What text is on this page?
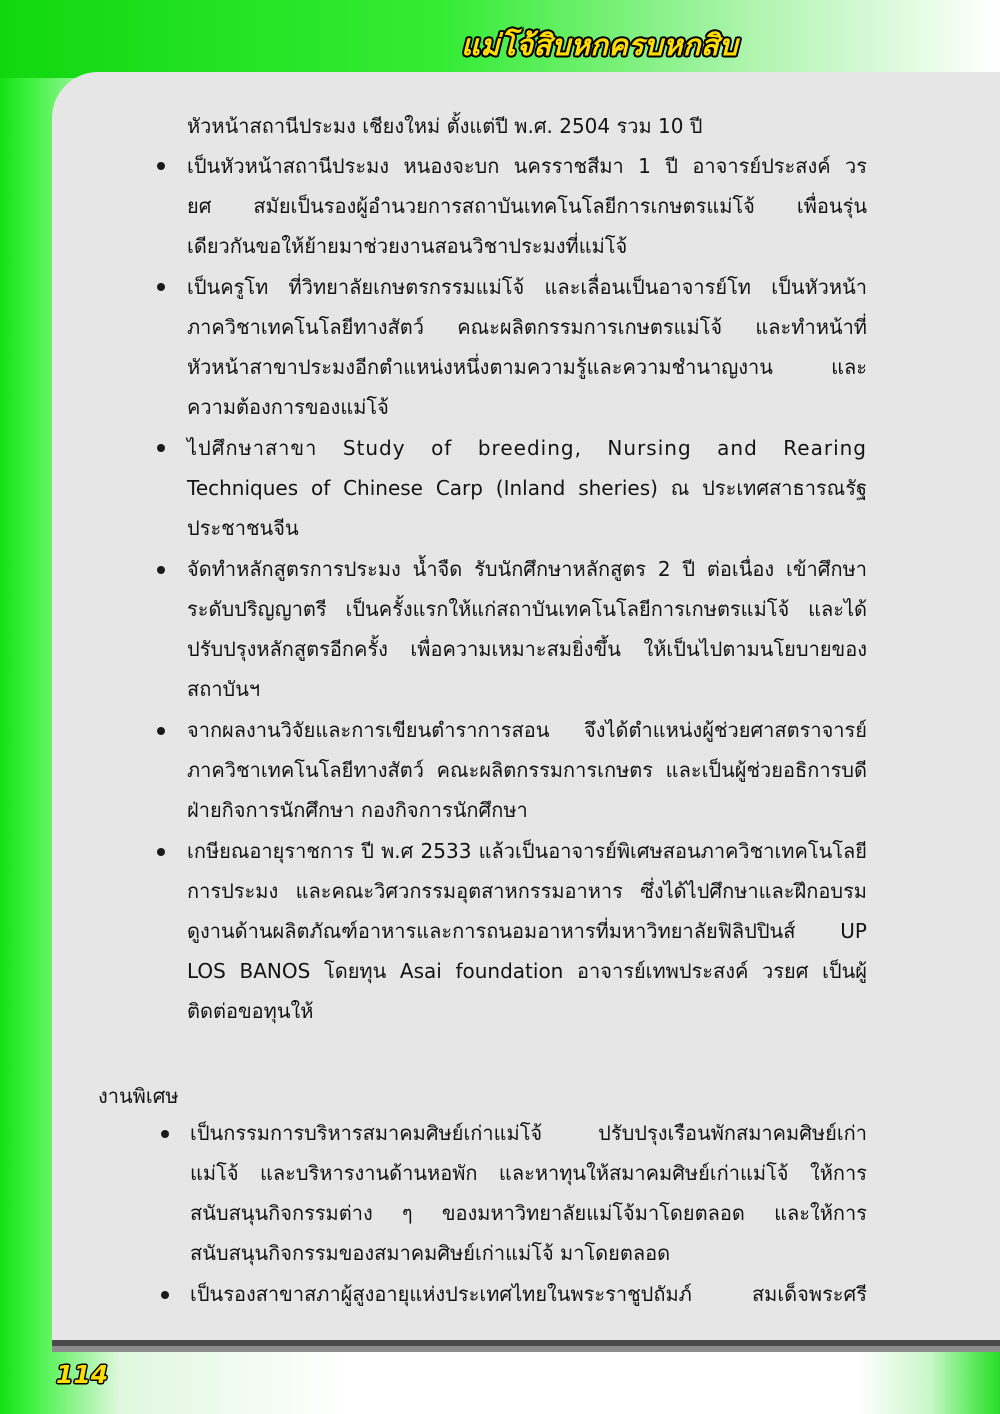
แม่โจ้สิบหกครบหกสิบ
หัวหน้าสถานีประมง เชียงใหม่ ตั้งแต่ปี พ.ศ. 2504 รวม 10 ปี
เป็นหัวหน้าสถานีประมง หนองจะบก นครราชสีมา 1 ปี อาจารย์ประสงค์ วร
ยศ สมัยเป็นรองผู้อำนวยการสถาบันเทคโนโลยีการเกษตรแม่โจ้ เพื่อนรุ่น
เดียวกันขอให้ย้ายมาช่วยงานสอนวิชาประมงที่แม่โจ้
เป็นครูโท ที่วิทยาลัยเกษตรกรรมแม่โจ้ และเลื่อนเป็นอาจารย์โท เป็นหัวหน้า
ภาควิชาเทคโนโลยีทางสัตว์ คณะผลิตกรรมการเกษตรแม่โจ้ และทำหน้าที่
หัวหน้าสาขาประมงอีกตำแหน่งหนึ่งตามความรู้และความชำนาญงาน และ
ความต้องการของแม่โจ้
ไปศึกษาสาขา Study of breeding, Nursing and Rearing
Techniques of Chinese Carp (Inland sheries) ณ ประเทศสาธารณรัฐ
ประชาชนจีน
จัดทำหลักสูตรการประมง น้ำจืด รับนักศึกษาหลักสูตร 2 ปี ต่อเนื่อง เข้าศึกษา
ระดับปริญญาตรี เป็นครั้งแรกให้แก่สถาบันเทคโนโลยีการเกษตรแม่โจ้ และได้
ปรับปรุงหลักสูตรอีกครั้ง เพื่อความเหมาะสมยิ่งขึ้น ให้เป็นไปตามนโยบายของ
สถาบันฯ
จากผลงานวิจัยและการเขียนตำราการสอน จึงได้ตำแหน่งผู้ช่วยศาสตราจารย์
ภาควิชาเทคโนโลยีทางสัตว์ คณะผลิตกรรมการเกษตร และเป็นผู้ช่วยอธิการบดี
ฝ่ายกิจการนักศึกษา กองกิจการนักศึกษา
เกษียณอายุราชการ ปี พ.ศ 2533 แล้วเป็นอาจารย์พิเศษสอนภาควิชาเทคโนโลยี
การประมง และคณะวิศวกรรมอุตสาหกรรมอาหาร ซึ่งได้ไปศึกษาและฝึกอบรม
ดูงานด้านผลิตภัณฑ์อาหารและการถนอมอาหารที่มหาวิทยาลัยฟิลิปปินส์ UP
LOS BANOS โดยทุน Asai foundation อาจารย์เทพประสงค์ วรยศ เป็นผู้
ติดต่อขอทุนให้
งานพิเศษ
เป็นกรรมการบริหารสมาคมศิษย์เก่าแม่โจ้ ปรับปรุงเรือนพักสมาคมศิษย์เก่า
แม่โจ้ และบริหารงานด้านหอพัก และหาทุนให้สมาคมศิษย์เก่าแม่โจ้ ให้การ
สนับสนุนกิจกรรมต่าง ๆ ของมหาวิทยาลัยแม่โจ้มาโดยตลอด และให้การ
สนับสนุนกิจกรรมของสมาคมศิษย์เก่าแม่โจ้ มาโดยตลอด
เป็นรองสาขาสภาผู้สูงอายุแห่งประเทศไทยในพระราชูปถัมภ์ สมเด็จพระศรี
114
